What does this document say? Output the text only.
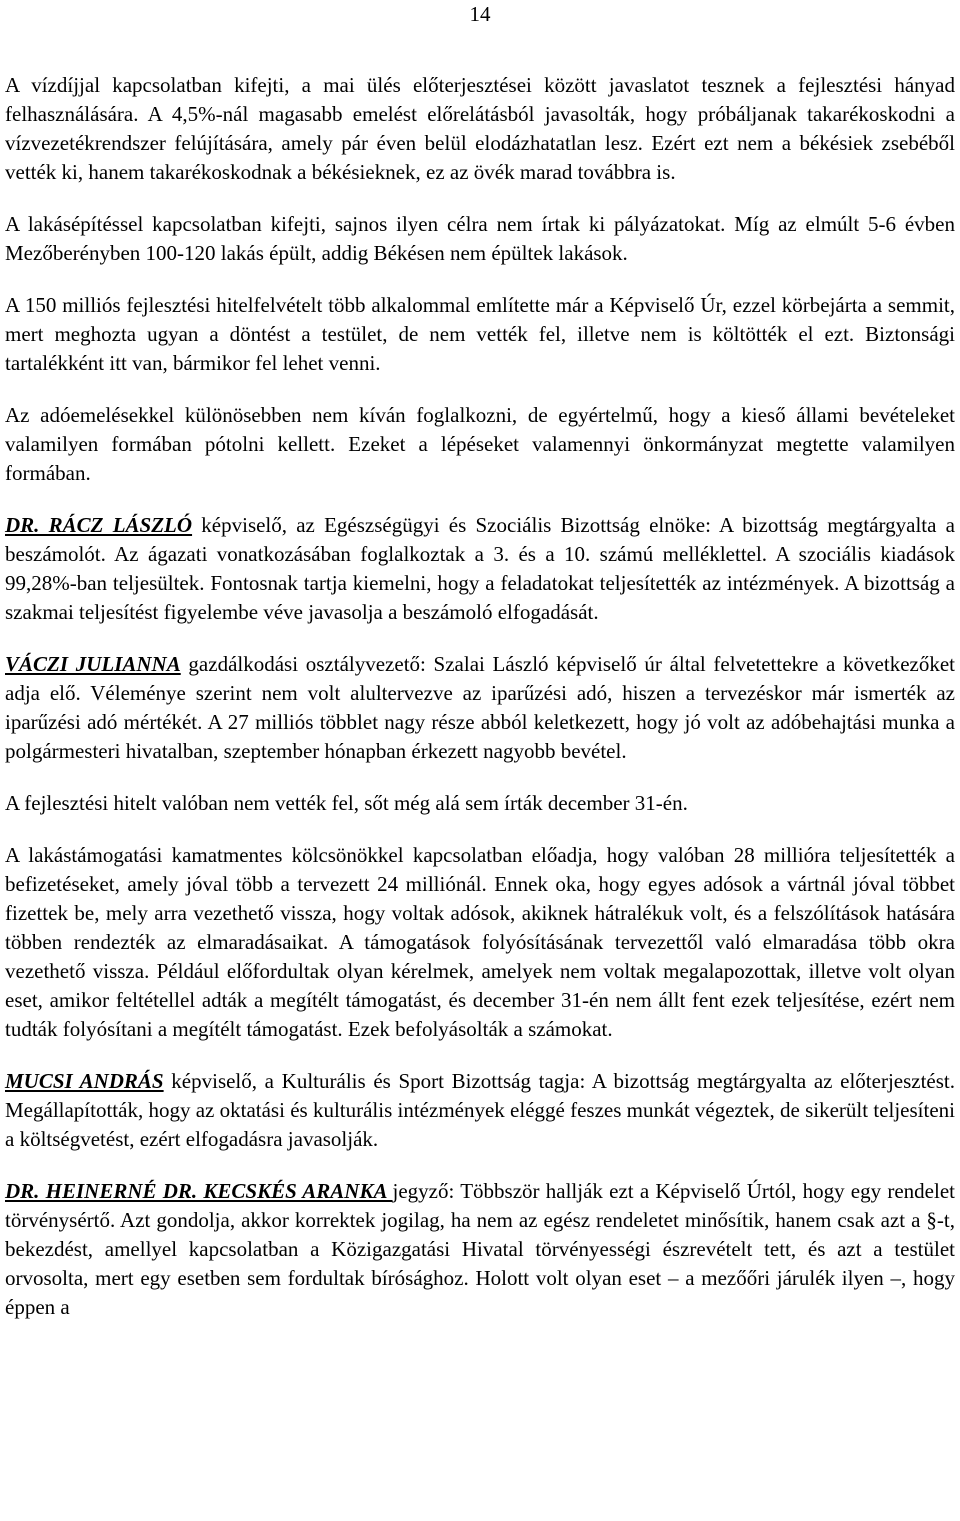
14

A vízdíjjal kapcsolatban kifejti, a mai ülés előterjesztései között javaslatot tesznek a fejlesztési hányad felhasználására. A 4,5%-nál magasabb emelést előrelátásból javasolták, hogy próbáljanak takarékoskodni a vízvezetékrendszer felújítására, amely pár éven belül elodázhatatlan lesz. Ezért ezt nem a békésiek zsebéből vették ki, hanem takarékoskodnak a békésieknek, ez az övék marad továbbra is.

A lakásépítéssel kapcsolatban kifejti, sajnos ilyen célra nem írtak ki pályázatokat. Míg az elmúlt 5-6 évben Mezőberényben 100-120 lakás épült, addig Békésen nem épültek lakások.

A 150 milliós fejlesztési hitelfelvételt több alkalommal említette már a Képviselő Úr, ezzel körbejárta a semmit, mert meghozta ugyan a döntést a testület, de nem vették fel, illetve nem is költötték el ezt. Biztonsági tartalékként itt van, bármikor fel lehet venni.

Az adóemelésekkel különösebben nem kíván foglalkozni, de egyértelmű, hogy a kieső állami bevételeket valamilyen formában pótolni kellett. Ezeket a lépéseket valamennyi önkormányzat megtette valamilyen formában.

DR. RÁCZ LÁSZLÓ képviselő, az Egészségügyi és Szociális Bizottság elnöke: A bizottság megtárgyalta a beszámolót. Az ágazati vonatkozásában foglalkoztak a 3. és a 10. számú melléklettel. A szociális kiadások 99,28%-ban teljesültek. Fontosnak tartja kiemelni, hogy a feladatokat teljesítették az intézmények. A bizottság a szakmai teljesítést figyelembe véve javasolja a beszámoló elfogadását.

VÁCZI JULIANNA gazdálkodási osztályvezető: Szalai László képviselő úr által felvetettekre a következőket adja elő. Véleménye szerint nem volt alultervezve az iparűzési adó, hiszen a tervezéskor már ismerték az iparűzési adó mértékét. A 27 milliós többlet nagy része abból keletkezett, hogy jó volt az adóbehajtási munka a polgármesteri hivatalban, szeptember hónapban érkezett nagyobb bevétel.

A fejlesztési hitelt valóban nem vették fel, sőt még alá sem írták december 31-én.

A lakástámogatási kamatmentes kölcsönökkel kapcsolatban előadja, hogy valóban 28 millióra teljesítették a befizetéseket, amely jóval több a tervezett 24 milliónál. Ennek oka, hogy egyes adósok a vártnál jóval többet fizettek be, mely arra vezethető vissza, hogy voltak adósok, akiknek hátralékuk volt, és a felszólítások hatására többen rendezték az elmaradásaikat. A támogatások folyósításának tervezettől való elmaradása több okra vezethető vissza. Például előfordultak olyan kérelmek, amelyek nem voltak megalapozottak, illetve volt olyan eset, amikor feltétellel adták a megítélt támogatást, és december 31-én nem állt fent ezek teljesítése, ezért nem tudták folyósítani a megítélt támogatást. Ezek befolyásolták a számokat.

MUCSI ANDRÁS képviselő, a Kulturális és Sport Bizottság tagja: A bizottság megtárgyalta az előterjesztést. Megállapították, hogy az oktatási és kulturális intézmények eléggé feszes munkát végeztek, de sikerült teljesíteni a költségvetést, ezért elfogadásra javasolják.

DR. HEINERNÉ DR. KECSKÉS ARANKA jegyző: Többször hallják ezt a Képviselő Úrtól, hogy egy rendelet törvénysértő. Azt gondolja, akkor korrektek jogilag, ha nem az egész rendeletet minősítik, hanem csak azt a §-t, bekezdést, amellyel kapcsolatban a Közigazgatási Hivatal törvényességi észrevételt tett, és azt a testület orvosolta, mert egy esetben sem fordultak bírósághoz. Holott volt olyan eset – a mezőőri járulék ilyen –, hogy éppen a
